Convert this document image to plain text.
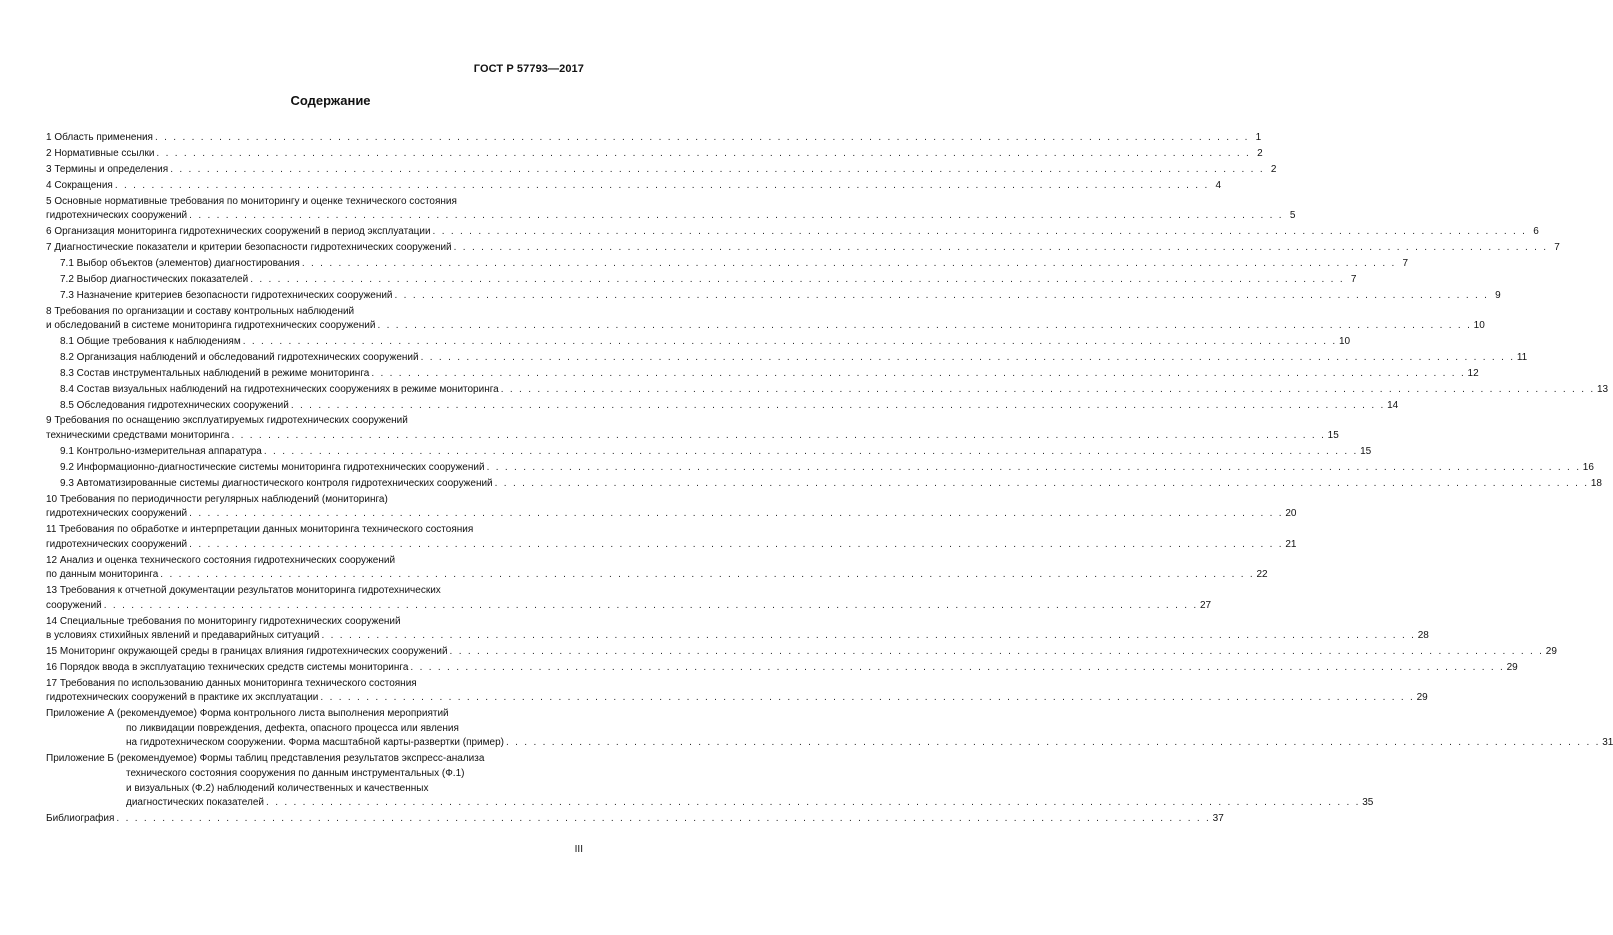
ГОСТ Р 57793—2017
Содержание
1 Область применения . . . . . . . . . . . . . . . . . . . . . . . . . . . . . . . . . . . . . . . . . . . . . . . . . . . . . . . . . . . . . . . . . . . . . . . . . . . . . . . . . . . . . . . . . . . . . . . . . . . . . . . . . . . . . . . . . . . . . . . . 1
2 Нормативные ссылки . . . . . . . . . . . . . . . . . . . . . . . . . . . . . . . . . . . . . . . . . . . . . . . . . . . . . . . . . . . . . . . . . . . . . . . . . . . . . . . . . . . . . . . . . . . . . . . . . . . . . . . . . . . . . . . . . . . . . . . . 2
3 Термины и определения . . . . . . . . . . . . . . . . . . . . . . . . . . . . . . . . . . . . . . . . . . . . . . . . . . . . . . . . . . . . . . . . . . . . . . . . . . . . . . . . . . . . . . . . . . . . . . . . . . . . . . . . . . . . . . . . . . . . . . . . 2
4 Сокращения . . . . . . . . . . . . . . . . . . . . . . . . . . . . . . . . . . . . . . . . . . . . . . . . . . . . . . . . . . . . . . . . . . . . . . . . . . . . . . . . . . . . . . . . . . . . . . . . . . . . . . . . . . . . . . . . . . . . . . . . 4
5 Основные нормативные требования по мониторингу и оценке технического состояния
гидротехнических сооружений . . . . . . . . . . . . . . . . . . . . . . . . . . . . . . . . . . . . . . . . . . . . . . . . . . . . . . . . . . . . . . . . . . . . . . . . . . . . . . . . . . . . . . . . . . . . . . . . . . . . . . . . . . . . . . . . . . . . . . . . 5
6 Организация мониторинга гидротехнических сооружений в период эксплуатации . . . . . . . . . . . . . . . . . . . . . . . . . . . . . . . . . . . . . . . . . . . . . . . . . . . . . . . . . . . . . . . . . . . . . . . . . . . . . . . . . . . . . . . . . . . . . . . . . . . . . . . . . . . . . . . . . . . . . . . . 6
7 Диагностические показатели и критерии безопасности гидротехнических сооружений . . . . . . . . . . . . . . . . . . . . . . . . . . . . . . . . . . . . . . . . . . . . . . . . . . . . . . . . . . . . . . . . . . . . . . . . . . . . . . . . . . . . . . . . . . . . . . . . . . . . . . . . . . . . . . . . . . . . . . . . 7
7.1 Выбор объектов (элементов) диагностирования . . . . . . . . . . . . . . . . . . . . . . . . . . . . . . . . . . . . . . . . . . . . . . . . . . . . . . . . . . . . . . . . . . . . . . . . . . . . . . . . . . . . . . . . . . . . . . . . . . . . . . . . . . . . . . . . . . . . . . . . 7
7.2 Выбор диагностических показателей . . . . . . . . . . . . . . . . . . . . . . . . . . . . . . . . . . . . . . . . . . . . . . . . . . . . . . . . . . . . . . . . . . . . . . . . . . . . . . . . . . . . . . . . . . . . . . . . . . . . . . . . . . . . . . . . . . . . . . . . 7
7.3 Назначение критериев безопасности гидротехнических сооружений . . . . . . . . . . . . . . . . . . . . . . . . . . . . . . . . . . . . . . . . . . . . . . . . . . . . . . . . . . . . . . . . . . . . . . . . . . . . . . . . . . . . . . . . . . . . . . . . . . . . . . . . . . . . . . . . . . . . . . . . 9
8 Требования по организации и составу контрольных наблюдений
и обследований в системе мониторинга гидротехнических сооружений . . . . . . . . . . . . . . . . . . . . . . . . . . . . . . . . . . . . . . . . . . . . . . . . . . . . . . . . . . . . . . . . . . . . . . . . . . . . . . . . . . . . . . . . . . . . . . . . . . . . . . . . . . . . . . . . . . . . . . . . 10
8.1 Общие требования к наблюдениям . . . . . . . . . . . . . . . . . . . . . . . . . . . . . . . . . . . . . . . . . . . . . . . . . . . . . . . . . . . . . . . . . . . . . . . . . . . . . . . . . . . . . . . . . . . . . . . . . . . . . . . . . . . . . . . . . . . . . . . . 10
8.2 Организация наблюдений и обследований гидротехнических сооружений . . . . . . . . . . . . . . . . . . . . . . . . . . . . . . . . . . . . . . . . . . . . . . . . . . . . . . . . . . . . . . . . . . . . . . . . . . . . . . . . . . . . . . . . . . . . . . . . . . . . . . . . . . . . . . . . . . . . . . . . 11
8.3 Состав инструментальных наблюдений в режиме мониторинга . . . . . . . . . . . . . . . . . . . . . . . . . . . . . . . . . . . . . . . . . . . . . . . . . . . . . . . . . . . . . . . . . . . . . . . . . . . . . . . . . . . . . . . . . . . . . . . . . . . . . . . . . . . . . . . . . . . . . . . . 12
8.4 Состав визуальных наблюдений на гидротехнических сооружениях в режиме мониторинга . . . . . . . . . . . . . . . . . . . . . . . . . . . . . . . . . . . . . . . . . . . . . . . . . . . . . . . . . . . . . . . . . . . . . . . . . . . . . . . . . . . . . . . . . . . . . . . . . . . . . . . . . . . . . . . . . . . . . . . . 13
8.5 Обследования гидротехнических сооружений . . . . . . . . . . . . . . . . . . . . . . . . . . . . . . . . . . . . . . . . . . . . . . . . . . . . . . . . . . . . . . . . . . . . . . . . . . . . . . . . . . . . . . . . . . . . . . . . . . . . . . . . . . . . . . . . . . . . . . . . 14
9 Требования по оснащению эксплуатируемых гидротехнических сооружений
техническими средствами мониторинга . . . . . . . . . . . . . . . . . . . . . . . . . . . . . . . . . . . . . . . . . . . . . . . . . . . . . . . . . . . . . . . . . . . . . . . . . . . . . . . . . . . . . . . . . . . . . . . . . . . . . . . . . . . . . . . . . . . . . . . . 15
9.1 Контрольно-измерительная аппаратура . . . . . . . . . . . . . . . . . . . . . . . . . . . . . . . . . . . . . . . . . . . . . . . . . . . . . . . . . . . . . . . . . . . . . . . . . . . . . . . . . . . . . . . . . . . . . . . . . . . . . . . . . . . . . . . . . . . . . . . . 15
9.2 Информационно-диагностические системы мониторинга гидротехнических сооружений . . . . . . . . . . . . . . . . . . . . . . . . . . . . . . . . . . . . . . . . . . . . . . . . . . . . . . . . . . . . . . . . . . . . . . . . . . . . . . . . . . . . . . . . . . . . . . . . . . . . . . . . . . . . . . . . . . . . . . . . 16
9.3 Автоматизированные системы диагностического контроля гидротехнических сооружений . . . . . . . . . . . . . . . . . . . . . . . . . . . . . . . . . . . . . . . . . . . . . . . . . . . . . . . . . . . . . . . . . . . . . . . . . . . . . . . . . . . . . . . . . . . . . . . . . . . . . . . . . . . . . . . . . . . . . . . . 18
10 Требования по периодичности регулярных наблюдений (мониторинга)
гидротехнических сооружений . . . . . . . . . . . . . . . . . . . . . . . . . . . . . . . . . . . . . . . . . . . . . . . . . . . . . . . . . . . . . . . . . . . . . . . . . . . . . . . . . . . . . . . . . . . . . . . . . . . . . . . . . . . . . . . . . . . . . . . . 20
11 Требования по обработке и интерпретации данных мониторинга технического состояния
гидротехнических сооружений . . . . . . . . . . . . . . . . . . . . . . . . . . . . . . . . . . . . . . . . . . . . . . . . . . . . . . . . . . . . . . . . . . . . . . . . . . . . . . . . . . . . . . . . . . . . . . . . . . . . . . . . . . . . . . . . . . . . . . . . 21
12 Анализ и оценка технического состояния гидротехнических сооружений
по данным мониторинга . . . . . . . . . . . . . . . . . . . . . . . . . . . . . . . . . . . . . . . . . . . . . . . . . . . . . . . . . . . . . . . . . . . . . . . . . . . . . . . . . . . . . . . . . . . . . . . . . . . . . . . . . . . . . . . . . . . . . . . . 22
13 Требования к отчетной документации результатов мониторинга гидротехнических
сооружений . . . . . . . . . . . . . . . . . . . . . . . . . . . . . . . . . . . . . . . . . . . . . . . . . . . . . . . . . . . . . . . . . . . . . . . . . . . . . . . . . . . . . . . . . . . . . . . . . . . . . . . . . . . . . . . . . . . . . . . . 27
14 Специальные требования по мониторингу гидротехнических сооружений
в условиях стихийных явлений и предаварийных ситуаций . . . . . . . . . . . . . . . . . . . . . . . . . . . . . . . . . . . . . . . . . . . . . . . . . . . . . . . . . . . . . . . . . . . . . . . . . . . . . . . . . . . . . . . . . . . . . . . . . . . . . . . . . . . . . . . . . . . . . . . . 28
15 Мониторинг окружающей среды в границах влияния гидротехнических сооружений . . . . . . . . . . . . . . . . . . . . . . . . . . . . . . . . . . . . . . . . . . . . . . . . . . . . . . . . . . . . . . . . . . . . . . . . . . . . . . . . . . . . . . . . . . . . . . . . . . . . . . . . . . . . . . . . . . . . . . . . 29
16 Порядок ввода в эксплуатацию технических средств системы мониторинга . . . . . . . . . . . . . . . . . . . . . . . . . . . . . . . . . . . . . . . . . . . . . . . . . . . . . . . . . . . . . . . . . . . . . . . . . . . . . . . . . . . . . . . . . . . . . . . . . . . . . . . . . . . . . . . . . . . . . . . . 29
17 Требования по использованию данных мониторинга технического состояния
гидротехнических сооружений в практике их эксплуатации . . . . . . . . . . . . . . . . . . . . . . . . . . . . . . . . . . . . . . . . . . . . . . . . . . . . . . . . . . . . . . . . . . . . . . . . . . . . . . . . . . . . . . . . . . . . . . . . . . . . . . . . . . . . . . . . . . . . . . . . 29
Приложение А (рекомендуемое) Форма контрольного листа выполнения мероприятий
по ликвидации повреждения, дефекта, опасного процесса или явления
на гидротехническом сооружении. Форма масштабной карты-развертки (пример) . . . . . . . . . . . . . . . . . . . . . . . . . . . . . . . . . . . . . . . . . . . . . . . . . . . . . . . . . . . . . . . . . . . . . . . . . . . . . . . . . . . . . . . . . . . . . . . . . . . . . . . . . . . . . . . . . . . . . . . . 31
Приложение Б (рекомендуемое) Формы таблиц представления результатов экспресс-анализа
технического состояния сооружения по данным инструментальных (Ф.1)
и визуальных (Ф.2) наблюдений количественных и качественных
диагностических показателей . . . . . . . . . . . . . . . . . . . . . . . . . . . . . . . . . . . . . . . . . . . . . . . . . . . . . . . . . . . . . . . . . . . . . . . . . . . . . . . . . . . . . . . . . . . . . . . . . . . . . . . . . . . . . . . . . . . . . . . . 35
Библиография . . . . . . . . . . . . . . . . . . . . . . . . . . . . . . . . . . . . . . . . . . . . . . . . . . . . . . . . . . . . . . . . . . . . . . . . . . . . . . . . . . . . . . . . . . . . . . . . . . . . . . . . . . . . . . . . . . . . . . . . 37
III
